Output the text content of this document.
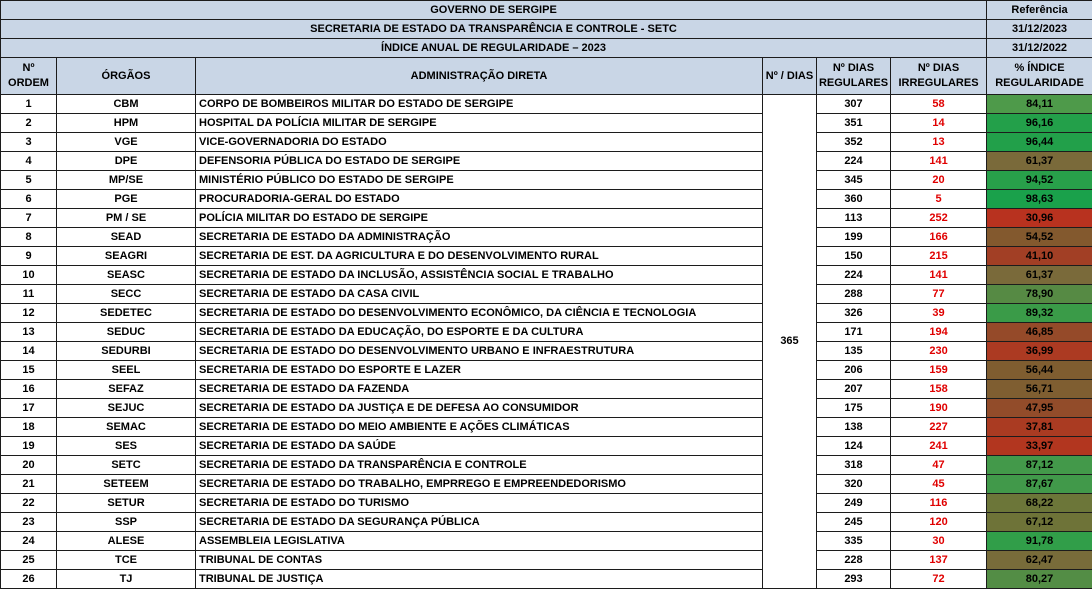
GOVERNO DE SERGIPE						Referência
SECRETARIA DE ESTADO DA TRANSPARÊNCIA E CONTROLE - SETC						31/12/2023
ÍNDICE ANUAL DE REGULARIDADE – 2023						31/12/2022
Nº ORDEM	ÓRGÃOS	ADMINISTRAÇÃO DIRETA	Nº / DIAS	Nº DIAS REGULARES	Nº DIAS IRREGULARES	% ÍNDICE REGULARIDADE
1	CBM	CORPO DE BOMBEIROS MILITAR DO ESTADO DE SERGIPE	365	307	58	84,11
2	HPM	HOSPITAL DA POLÍCIA MILITAR DE SERGIPE		351	14	96,16
3	VGE	VICE-GOVERNADORIA DO ESTADO		352	13	96,44
4	DPE	DEFENSORIA PÚBLICA DO ESTADO DE SERGIPE		224	141	61,37
5	MP/SE	MINISTÉRIO PÚBLICO DO ESTADO DE SERGIPE		345	20	94,52
6	PGE	PROCURADORIA-GERAL DO ESTADO		360	5	98,63
7	PM / SE	POLÍCIA MILITAR DO ESTADO DE SERGIPE		113	252	30,96
8	SEAD	SECRETARIA DE ESTADO DA ADMINISTRAÇÃO		199	166	54,52
9	SEAGRI	SECRETARIA DE EST. DA AGRICULTURA E DO DESENVOLVIMENTO RURAL		150	215	41,10
10	SEASC	SECRETARIA DE ESTADO DA INCLUSÃO, ASSISTÊNCIA SOCIAL E TRABALHO		224	141	61,37
11	SECC	SECRETARIA DE ESTADO DA CASA CIVIL		288	77	78,90
12	SEDETEC	SECRETARIA DE ESTADO DO DESENVOLVIMENTO ECONÔMICO, DA CIÊNCIA E TECNOLOGIA		326	39	89,32
13	SEDUC	SECRETARIA DE ESTADO DA EDUCAÇÃO, DO ESPORTE E DA CULTURA		171	194	46,85
14	SEDURBI	SECRETARIA DE ESTADO DO DESENVOLVIMENTO URBANO E INFRAESTRUTURA		135	230	36,99
15	SEEL	SECRETARIA DE ESTADO DO ESPORTE E LAZER		206	159	56,44
16	SEFAZ	SECRETARIA DE ESTADO DA FAZENDA		207	158	56,71
17	SEJUC	SECRETARIA DE ESTADO DA JUSTIÇA E DE DEFESA AO CONSUMIDOR		175	190	47,95
18	SEMAC	SECRETARIA DE ESTADO DO MEIO AMBIENTE E AÇÕES CLIMÁTICAS		138	227	37,81
19	SES	SECRETARIA DE ESTADO DA SAÚDE		124	241	33,97
20	SETC	SECRETARIA DE ESTADO DA TRANSPARÊNCIA E CONTROLE		318	47	87,12
21	SETEEM	SECRETARIA DE ESTADO DO TRABALHO, EMPRREGO E EMPREENDEDORISMO		320	45	87,67
22	SETUR	SECRETARIA DE ESTADO DO TURISMO		249	116	68,22
23	SSP	SECRETARIA DE ESTADO DA SEGURANÇA PÚBLICA		245	120	67,12
24	ALESE	ASSEMBLEIA LEGISLATIVA		335	30	91,78
25	TCE	TRIBUNAL DE CONTAS		228	137	62,47
26	TJ	TRIBUNAL DE JUSTIÇA		293	72	80,27
